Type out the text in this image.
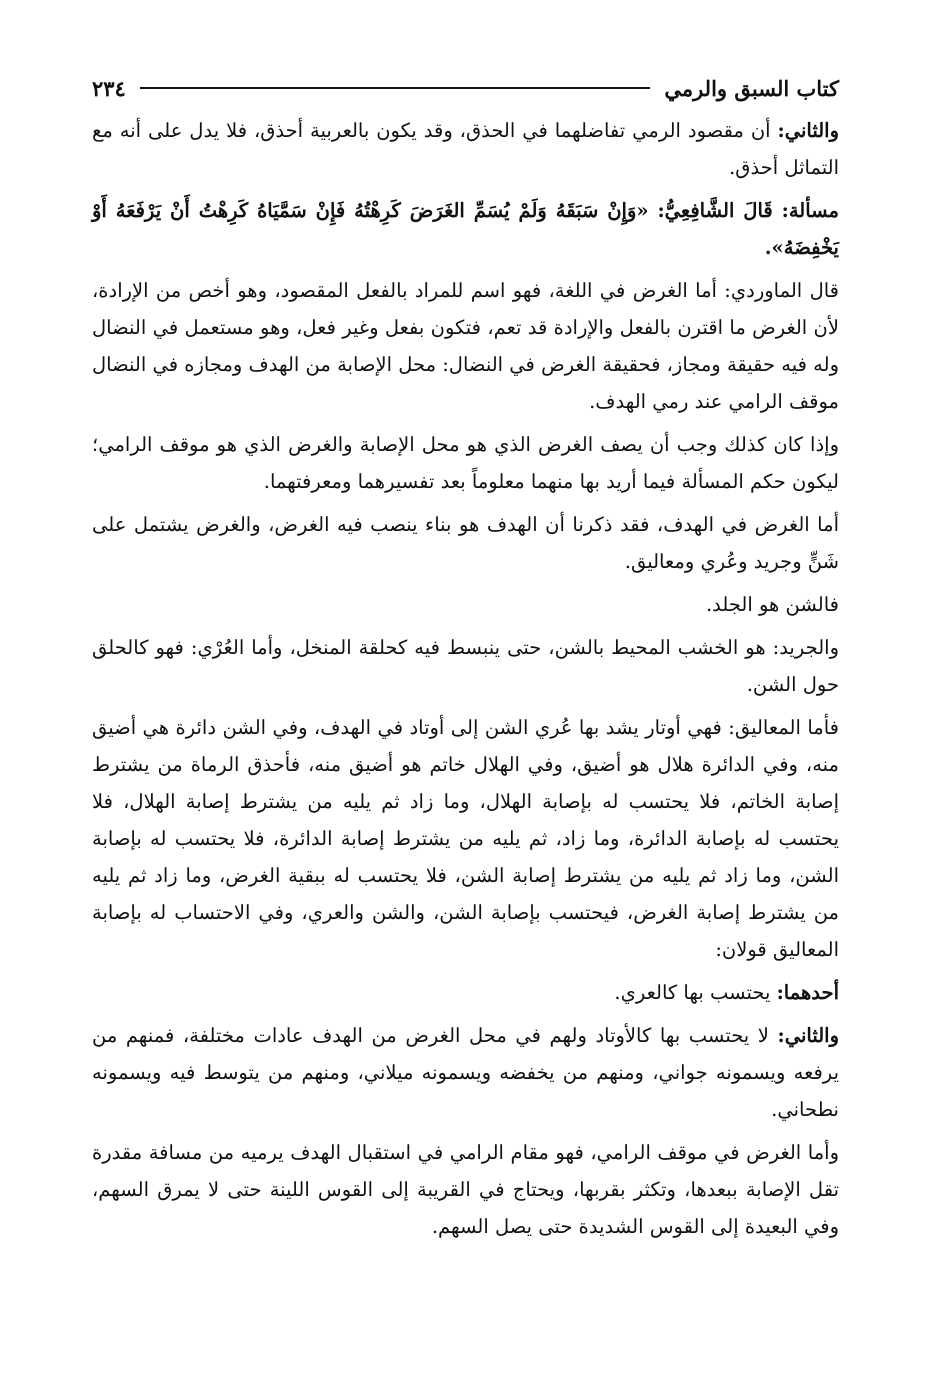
كتاب السبق والرمي
٢٣٤

والثاني: أن مقصود الرمي تفاضلهما في الحذق، وقد يكون بالعربية أحذق، فلا يدل على أنه مع التماثل أحذق.

مسألة: قَالَ الشَّافِعِيُّ: «وَإِنْ سَبَقَهُ وَلَمْ يُسَمِّ الغَرَضَ كَرِهْتُهُ فَإِنْ سَمَّيَاهُ كَرِهْتُ أَنْ يَرْفَعَهُ أَوْ يَخْفِضَهُ».

قال الماوردي: أما الغرض في اللغة، فهو اسم للمراد بالفعل المقصود، وهو أخص من الإرادة، لأن الغرض ما اقترن بالفعل والإرادة قد تعم، فتكون بفعل وغير فعل، وهو مستعمل في النضال وله فيه حقيقة ومجاز، فحقيقة الغرض في النضال: محل الإصابة من الهدف ومجازه في النضال موقف الرامي عند رمي الهدف.

وإذا كان كذلك وجب أن يصف الغرض الذي هو محل الإصابة والغرض الذي هو موقف الرامي؛ ليكون حكم المسألة فيما أريد بها منهما معلوماً بعد تفسيرهما ومعرفتهما.

أما الغرض في الهدف، فقد ذكرنا أن الهدف هو بناء ينصب فيه الغرض، والغرض يشتمل على شَنٍّ وجريد وعُري ومعاليق.

فالشن هو الجلد.

والجريد: هو الخشب المحيط بالشن، حتى ينبسط فيه كحلقة المنخل، وأما العُرْي: فهو كالحلق حول الشن.

فأما المعاليق: فهي أوتار يشد بها عُري الشن إلى أوتاد في الهدف، وفي الشن دائرة هي أضيق منه، وفي الدائرة هلال هو أضيق، وفي الهلال خاتم هو أضيق منه، فأحذق الرماة من يشترط إصابة الخاتم، فلا يحتسب له بإصابة الهلال، وما زاد ثم يليه من يشترط إصابة الهلال، فلا يحتسب له بإصابة الدائرة، وما زاد، ثم يليه من يشترط إصابة الدائرة، فلا يحتسب له بإصابة الشن، وما زاد ثم يليه من يشترط إصابة الشن، فلا يحتسب له ببقية الغرض، وما زاد ثم يليه من يشترط إصابة الغرض، فيحتسب بإصابة الشن، والشن والعري، وفي الاحتساب له بإصابة المعاليق قولان:

أحدهما: يحتسب بها كالعري.

والثاني: لا يحتسب بها كالأوتاد ولهم في محل الغرض من الهدف عادات مختلفة، فمنهم من يرفعه ويسمونه جواني، ومنهم من يخفضه ويسمونه ميلاني، ومنهم من يتوسط فيه ويسمونه نطحاني.

وأما الغرض في موقف الرامي، فهو مقام الرامي في استقبال الهدف يرميه من مسافة مقدرة تقل الإصابة ببعدها، وتكثر بقربها، ويحتاج في القريبة إلى القوس اللينة حتى لا يمرق السهم، وفي البعيدة إلى القوس الشديدة حتى يصل السهم.
